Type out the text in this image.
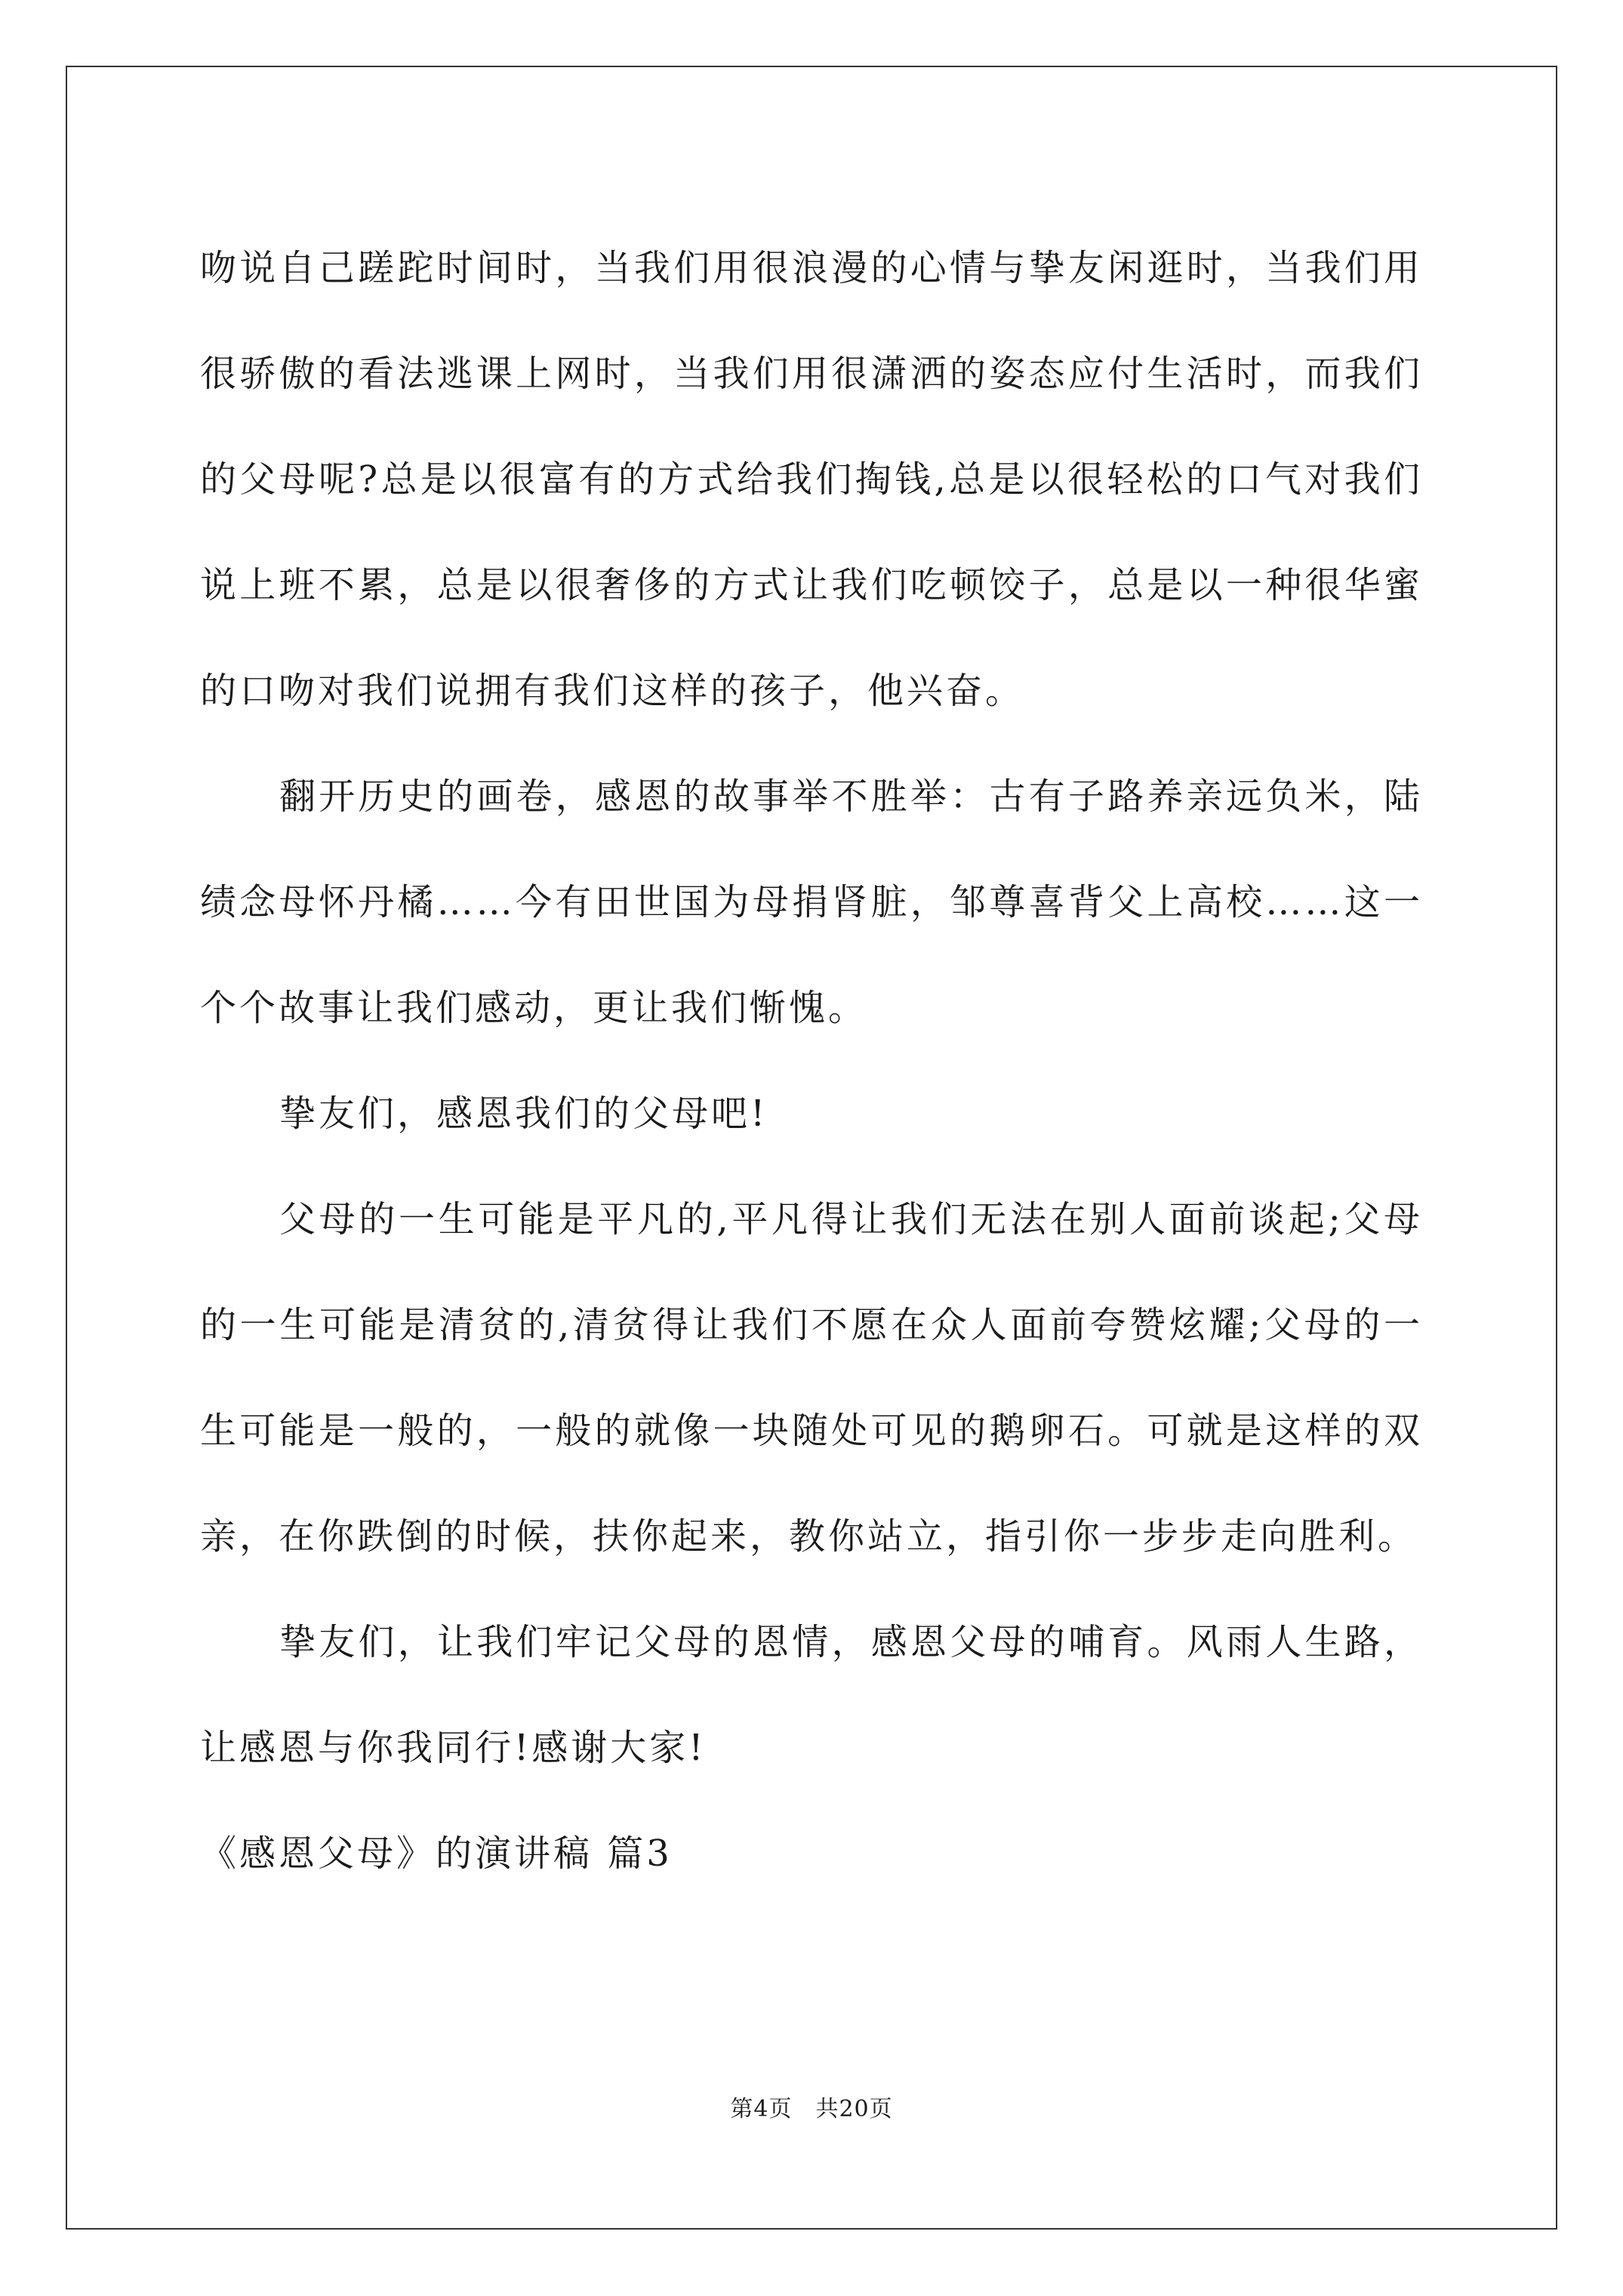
吻说自己蹉跎时间时，当我们用很浪漫的心情与挚友闲逛时，当我们用很骄傲的看法逃课上网时，当我们用很潇洒的姿态应付生活时，而我们的父母呢?总是以很富有的方式给我们掏钱,总是以很轻松的口气对我们说上班不累，总是以很奢侈的方式让我们吃顿饺子，总是以一种很华蜜的口吻对我们说拥有我们这样的孩子，他兴奋。

翻开历史的画卷，感恩的故事举不胜举：古有子路养亲远负米，陆绩念母怀丹橘……今有田世国为母捐肾脏，邹尊喜背父上高校……这一个个故事让我们感动，更让我们惭愧。

挚友们，感恩我们的父母吧!

父母的一生可能是平凡的,平凡得让我们无法在别人面前谈起;父母的一生可能是清贫的,清贫得让我们不愿在众人面前夸赞炫耀;父母的一生可能是一般的，一般的就像一块随处可见的鹅卵石。可就是这样的双亲，在你跌倒的时候，扶你起来，教你站立，指引你一步步走向胜利。

挚友们，让我们牢记父母的恩情，感恩父母的哺育。风雨人生路，让感恩与你我同行!感谢大家!

《感恩父母》的演讲稿 篇3

第4页　共20页
